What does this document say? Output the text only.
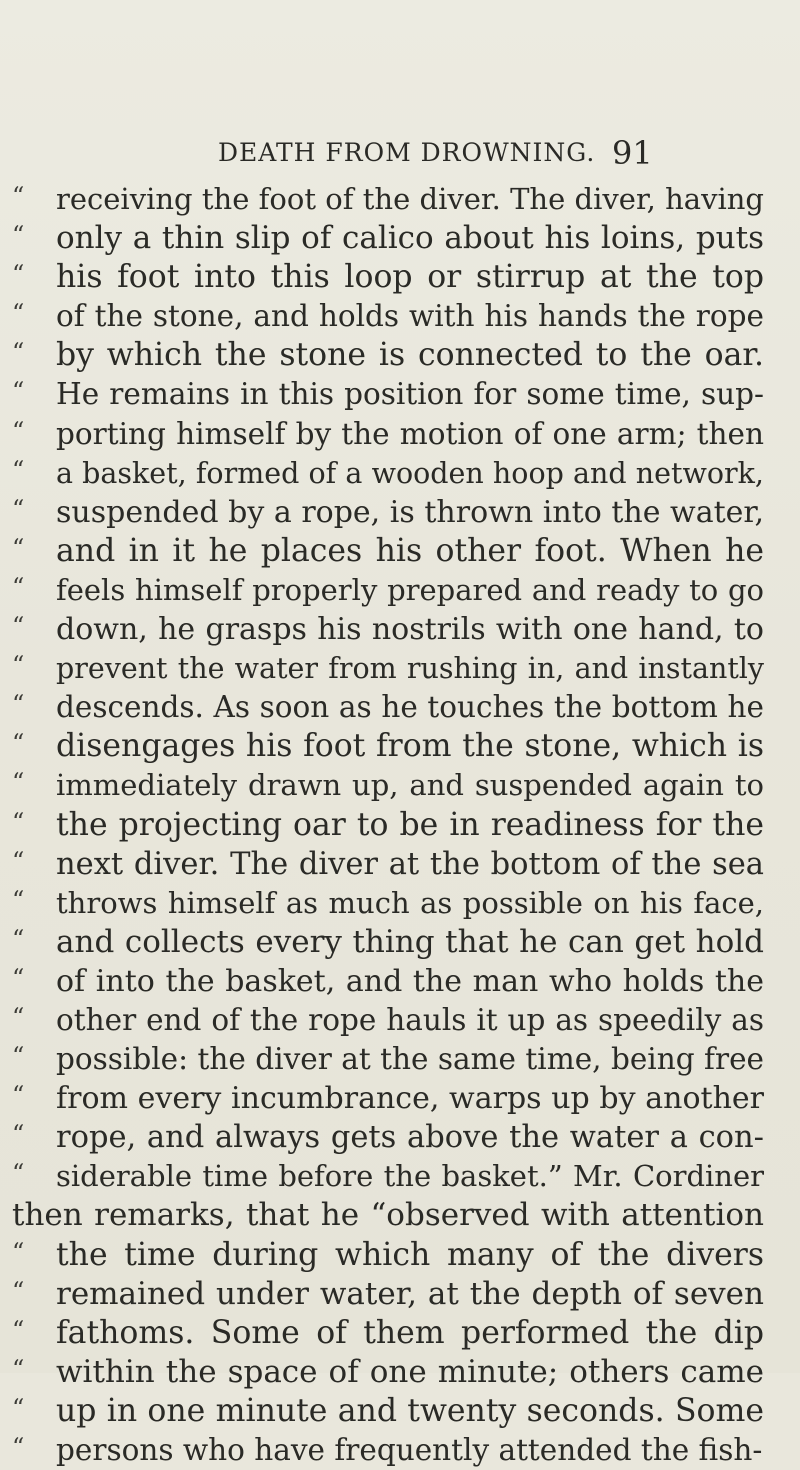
DEATH FROM DROWNING. 91
“ receiving the foot of the diver. The diver, having
“ only a thin slip of calico about his loins, puts
“ his foot into this loop or stirrup at the top
“ of the stone, and holds with his hands the rope
“ by which the stone is connected to the oar.
“ He remains in this position for some time, sup-
“ porting himself by the motion of one arm; then
“ a basket, formed of a wooden hoop and network,
“ suspended by a rope, is thrown into the water,
“ and in it he places his other foot. When he
“ feels himself properly prepared and ready to go
“ down, he grasps his nostrils with one hand, to
“ prevent the water from rushing in, and instantly
“ descends. As soon as he touches the bottom he
“ disengages his foot from the stone, which is
“ immediately drawn up, and suspended again to
“ the projecting oar to be in readiness for the
“ next diver. The diver at the bottom of the sea
“ throws himself as much as possible on his face,
“ and collects every thing that he can get hold
“ of into the basket, and the man who holds the
“ other end of the rope hauls it up as speedily as
“ possible: the diver at the same time, being free
“ from every incumbrance, warps up by another
“ rope, and always gets above the water a con-
“ siderable time before the basket.” Mr. Cordiner
then remarks, that he “observed with attention
“ the time during which many of the divers
“ remained under water, at the depth of seven
“ fathoms. Some of them performed the dip
“ within the space of one minute; others came
“ up in one minute and twenty seconds. Some
“ persons who have frequently attended the fish-
